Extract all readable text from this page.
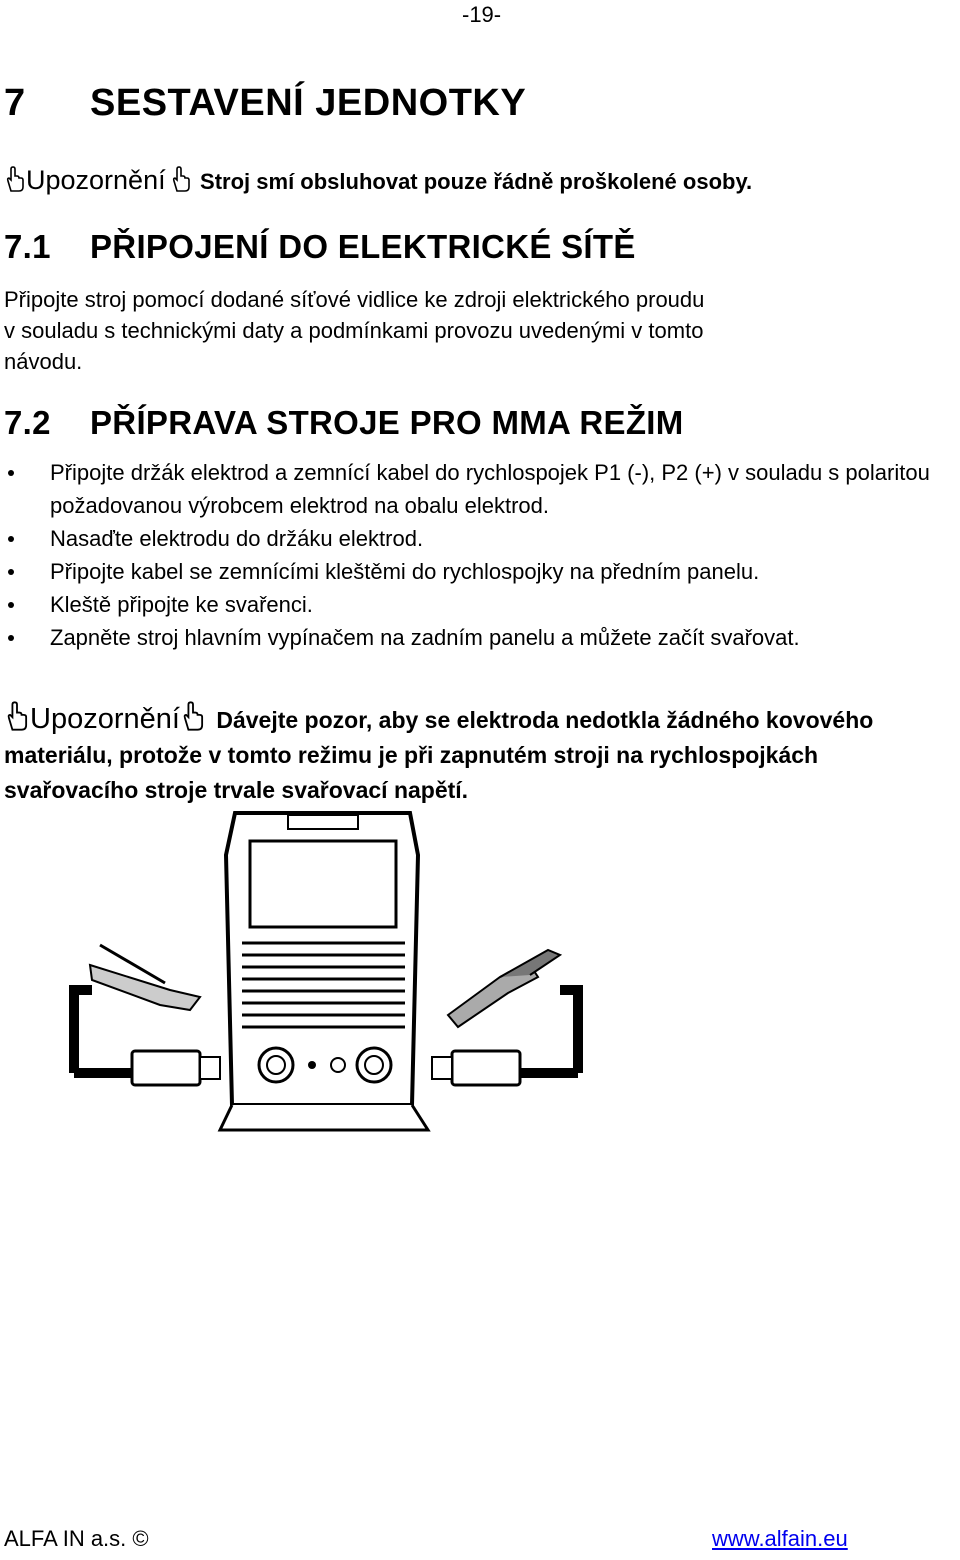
-19-
7 SESTAVENÍ JEDNOTKY
Upozornění Stroj smí obsluhovat pouze řádně proškolené osoby.
7.1 PŘIPOJENÍ DO ELEKTRICKÉ SÍTĚ
Připojte stroj pomocí dodané síťové vidlice ke zdroji elektrického proudu
v souladu s technickými daty a podmínkami provozu uvedenými v tomto
návodu.
7.2 PŘÍPRAVA STROJE PRO MMA REŽIM
Připojte držák elektrod a zemnící kabel do rychlospojek P1 (-), P2 (+) v souladu s polaritou požadovanou výrobcem elektrod na obalu elektrod.
Nasaďte elektrodu do držáku elektrod.
Připojte kabel se zemnícími kleštěmi do rychlospojky na předním panelu.
Kleště připojte ke svařenci.
Zapněte stroj hlavním vypínačem na zadním panelu a můžete začít svařovat.
Upozornění Dávejte pozor, aby se elektroda nedotkla žádného kovového materiálu, protože v tomto režimu je při zapnutém stroji na rychlospojkách svařovacího stroje trvale svařovací napětí.
ALFA IN a.s. ©	www.alfain.eu
